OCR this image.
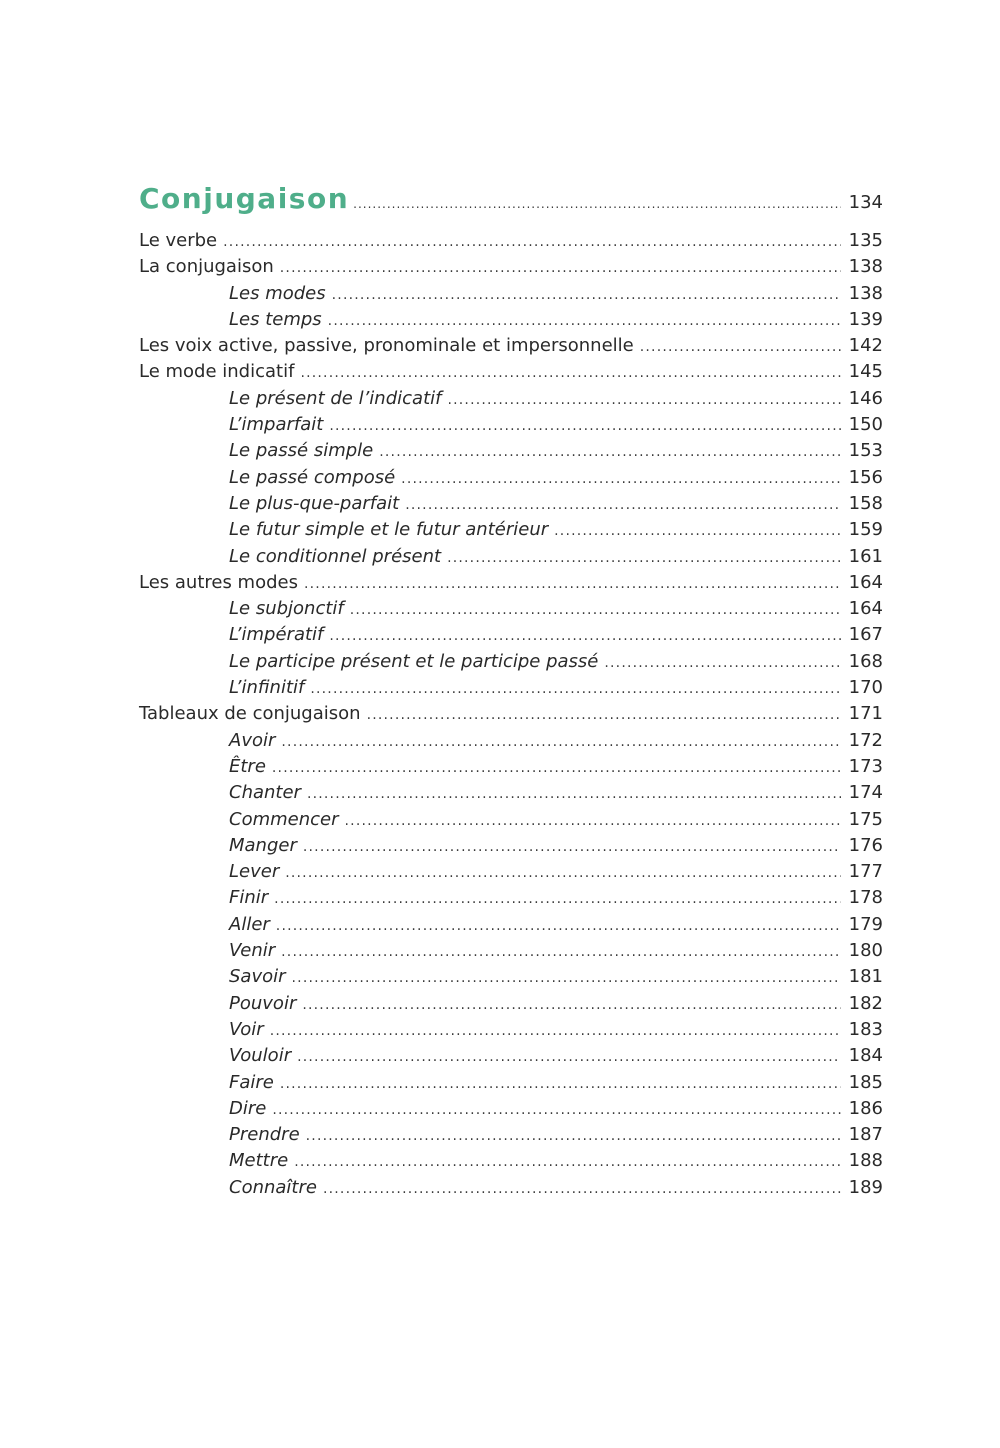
Conjugaison .....	134
Le verbe .....	135
La conjugaison .....	138
Les modes .....	138
Les temps .....	139
Les voix active, passive, pronominale et impersonnelle .....	142
Le mode indicatif .....	145
Le présent de l’indicatif .....	146
L’imparfait .....	150
Le passé simple .....	153
Le passé composé .....	156
Le plus-que-parfait .....	158
Le futur simple et le futur antérieur .....	159
Le conditionnel présent .....	161
Les autres modes .....	164
Le subjonctif .....	164
L’impératif .....	167
Le participe présent et le participe passé .....	168
L’infinitif .....	170
Tableaux de conjugaison .....	171
Avoir .....	172
Être .....	173
Chanter .....	174
Commencer .....	175
Manger .....	176
Lever .....	177
Finir .....	178
Aller .....	179
Venir .....	180
Savoir .....	181
Pouvoir .....	182
Voir .....	183
Vouloir .....	184
Faire .....	185
Dire .....	186
Prendre .....	187
Mettre .....	188
Connaître .....	189
